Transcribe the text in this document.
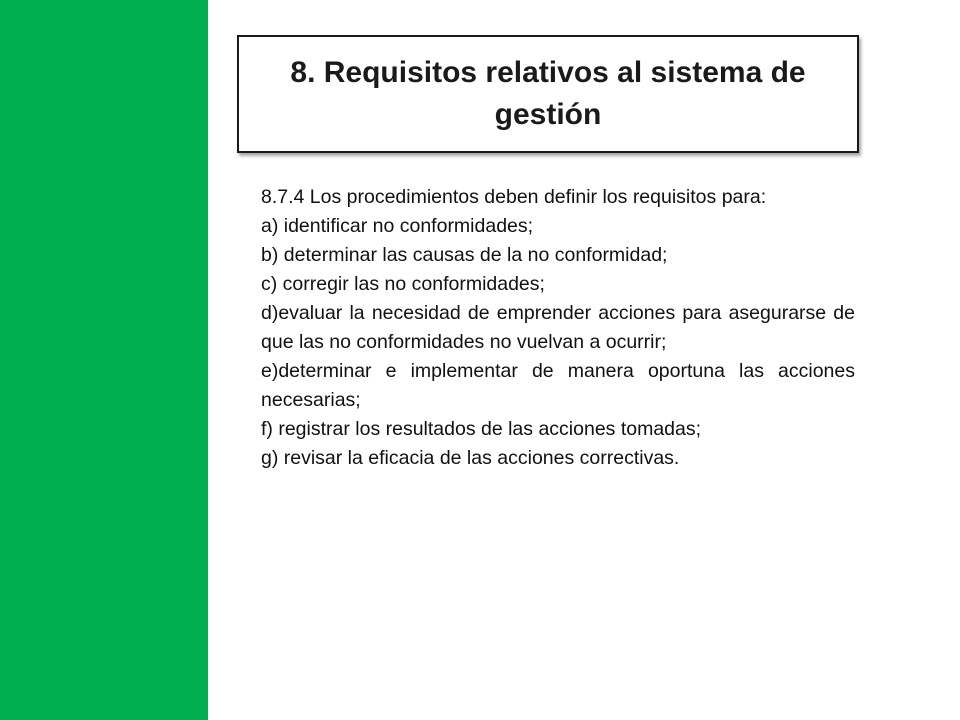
8. Requisitos relativos al sistema de gestión

8.7.4 Los procedimientos deben definir los requisitos para:

a) identificar no conformidades;

b) determinar las causas de la no conformidad;

c) corregir las no conformidades;

d)evaluar la necesidad de emprender acciones para asegurarse de que las no conformidades no vuelvan a ocurrir;

e)determinar e implementar de manera oportuna las acciones necesarias;

f) registrar los resultados de las acciones tomadas;

g) revisar la eficacia de las acciones correctivas.
